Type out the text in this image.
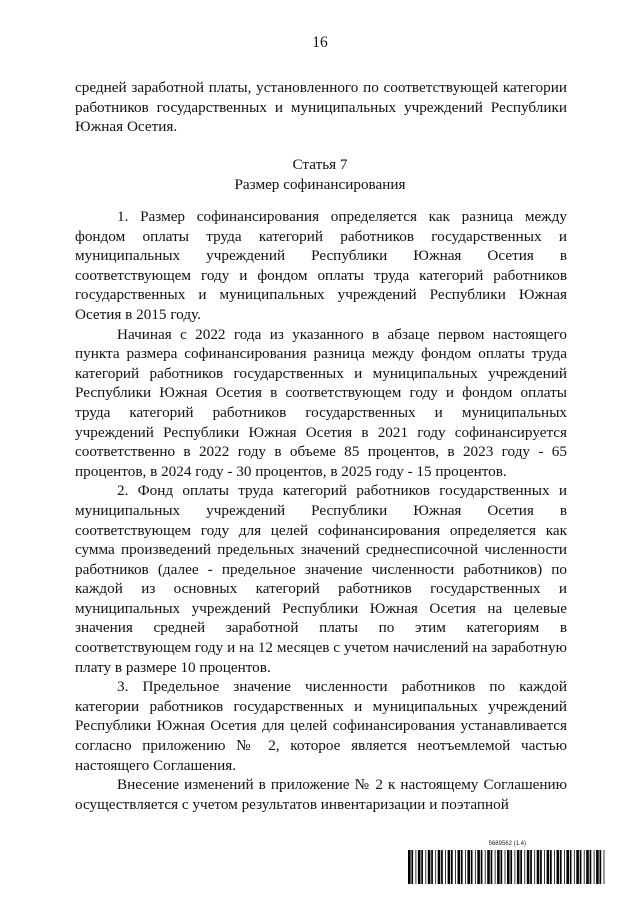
16

средней заработной платы, установленного по соответствующей категории работников государственных и муниципальных учреждений Республики Южная Осетия.

Статья 7
Размер софинансирования

1. Размер софинансирования определяется как разница между фондом оплаты труда категорий работников государственных и муниципальных учреждений Республики Южная Осетия в соответствующем году и фондом оплаты труда категорий работников государственных и муниципальных учреждений Республики Южная Осетия в 2015 году.

Начиная с 2022 года из указанного в абзаце первом настоящего пункта размера софинансирования разница между фондом оплаты труда категорий работников государственных и муниципальных учреждений Республики Южная Осетия в соответствующем году и фондом оплаты труда категорий работников государственных и муниципальных учреждений Республики Южная Осетия в 2021 году софинансируется соответственно в 2022 году в объеме 85 процентов, в 2023 году - 65 процентов, в 2024 году - 30 процентов, в 2025 году - 15 процентов.

2. Фонд оплаты труда категорий работников государственных и муниципальных учреждений Республики Южная Осетия в соответствующем году для целей софинансирования определяется как сумма произведений предельных значений среднесписочной численности работников (далее - предельное значение численности работников) по каждой из основных категорий работников государственных и муниципальных учреждений Республики Южная Осетия на целевые значения средней заработной платы по этим категориям в соответствующем году и на 12 месяцев с учетом начислений на заработную плату в размере 10 процентов.

3. Предельное значение численности работников по каждой категории работников государственных и муниципальных учреждений Республики Южная Осетия для целей софинансирования устанавливается согласно приложению № 2, которое является неотъемлемой частью настоящего Соглашения.

Внесение изменений в приложение № 2 к настоящему Соглашению осуществляется с учетом результатов инвентаризации и поэтапной

5689562 (1.4)
